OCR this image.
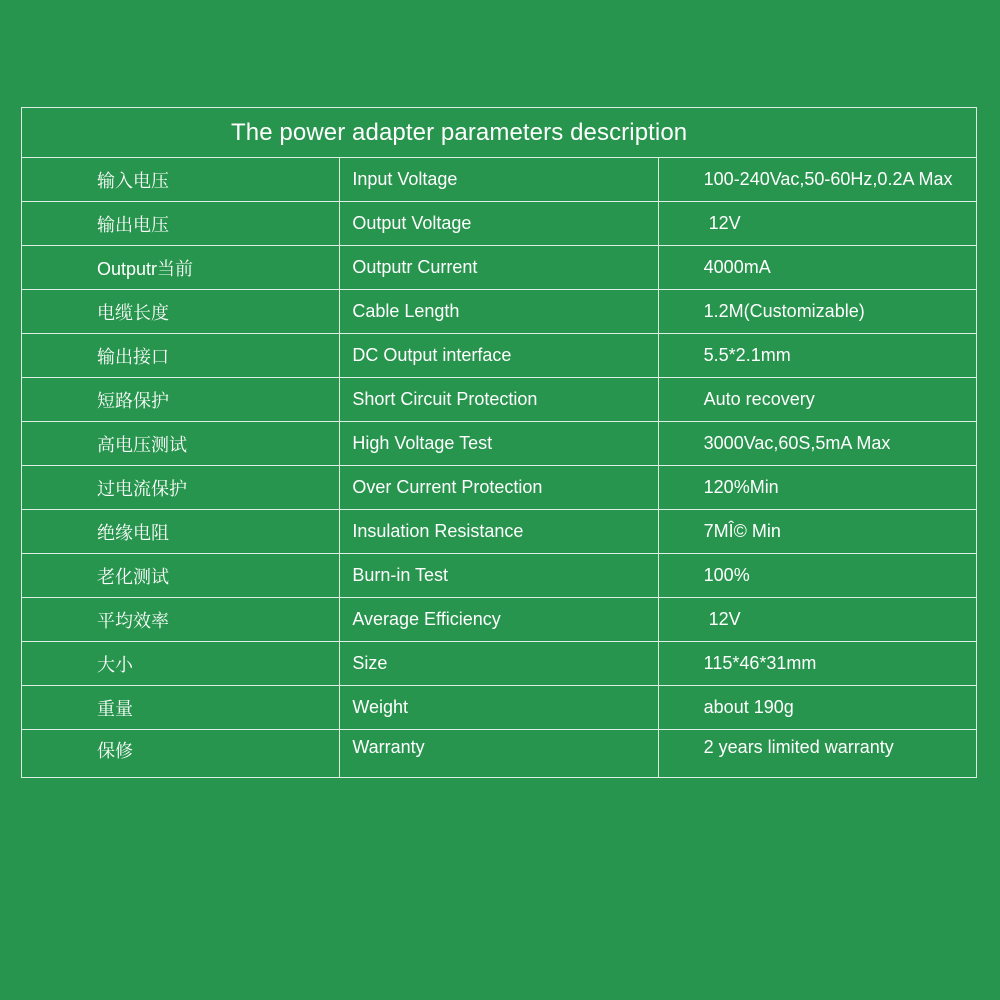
The power adapter parameters description		
输入电压	Input Voltage	100-240Vac,50-60Hz,0.2A Max
输出电压	Output Voltage	12V
Outputr当前	Outputr Current	4000mA
电缆长度	Cable Length	1.2M(Customizable)
输出接口	DC Output interface	5.5*2.1mm
短路保护	Short Circuit Protection	Auto recovery
高电压测试	High Voltage Test	3000Vac,60S,5mA Max
过电流保护	Over Current Protection	120%Min
绝缘电阻	Insulation Resistance	7MÎ© Min
老化测试	Burn-in Test	100%
平均效率	Average Efficiency	12V
大小	Size	115*46*31mm
重量	Weight	about 190g
保修	Warranty	2 years limited warranty
